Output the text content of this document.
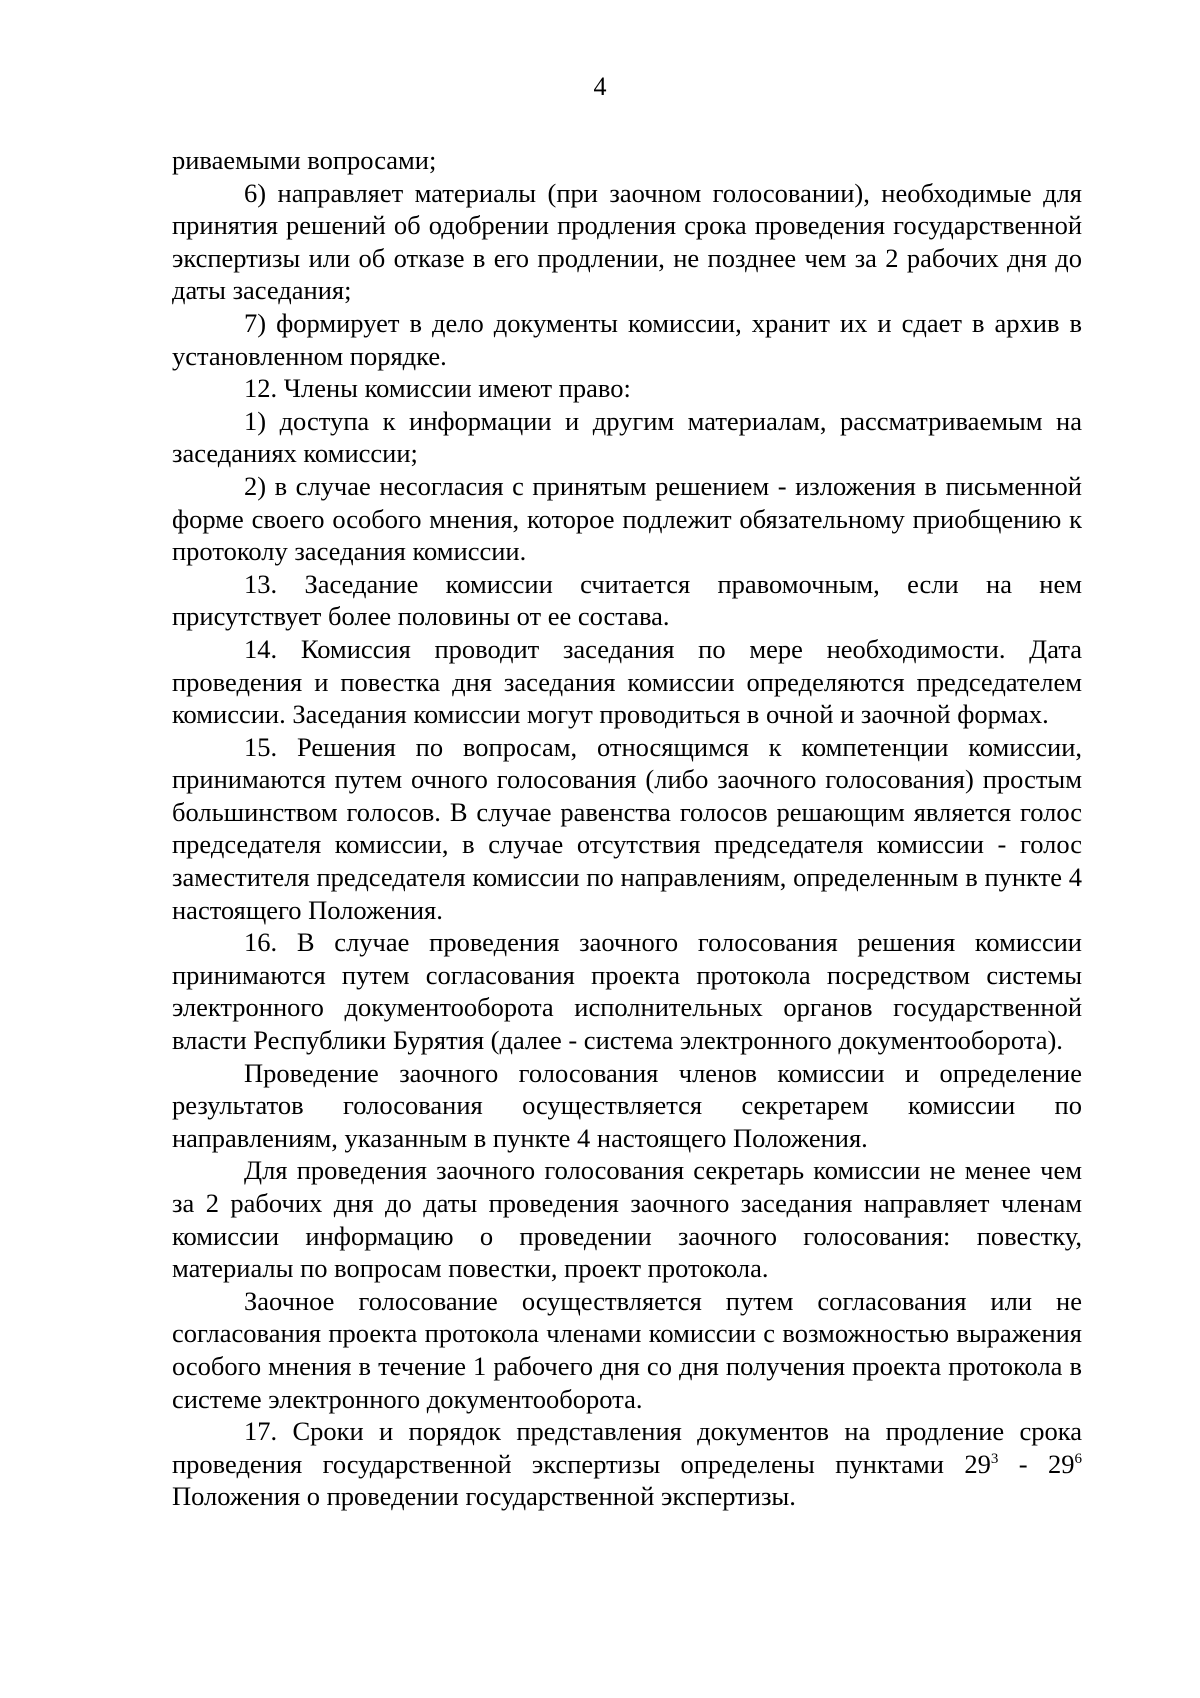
4

риваемыми вопросами;

6) направляет материалы (при заочном голосовании), необходимые для принятия решений об одобрении продления срока проведения государственной экспертизы или об отказе в его продлении, не позднее чем за 2 рабочих дня до даты заседания;

7) формирует в дело документы комиссии, хранит их и сдает в архив в установленном порядке.

12. Члены комиссии имеют право:

1) доступа к информации и другим материалам, рассматриваемым на заседаниях комиссии;

2) в случае несогласия с принятым решением - изложения в письменной форме своего особого мнения, которое подлежит обязательному приобщению к протоколу заседания комиссии.

13. Заседание комиссии считается правомочным, если на нем присутствует более половины от ее состава.

14. Комиссия проводит заседания по мере необходимости. Дата проведения и повестка дня заседания комиссии определяются председателем комиссии. Заседания комиссии могут проводиться в очной и заочной формах.

15. Решения по вопросам, относящимся к компетенции комиссии, принимаются путем очного голосования (либо заочного голосования) простым большинством голосов. В случае равенства голосов решающим является голос председателя комиссии, в случае отсутствия председателя комиссии - голос заместителя председателя комиссии по направлениям, определенным в пункте 4 настоящего Положения.

16. В случае проведения заочного голосования решения комиссии принимаются путем согласования проекта протокола посредством системы электронного документооборота исполнительных органов государственной власти Республики Бурятия (далее - система электронного документооборота).

Проведение заочного голосования членов комиссии и определение результатов голосования осуществляется секретарем комиссии по направлениям, указанным в пункте 4 настоящего Положения.

Для проведения заочного голосования секретарь комиссии не менее чем за 2 рабочих дня до даты проведения заочного заседания направляет членам комиссии информацию о проведении заочного голосования: повестку, материалы по вопросам повестки, проект протокола.

Заочное голосование осуществляется путем согласования или не согласования проекта протокола членами комиссии с возможностью выражения особого мнения в течение 1 рабочего дня со дня получения проекта протокола в системе электронного документооборота.

17. Сроки и порядок представления документов на продление срока проведения государственной экспертизы определены пунктами $29^3 - 29^6$ Положения о проведении государственной экспертизы.
